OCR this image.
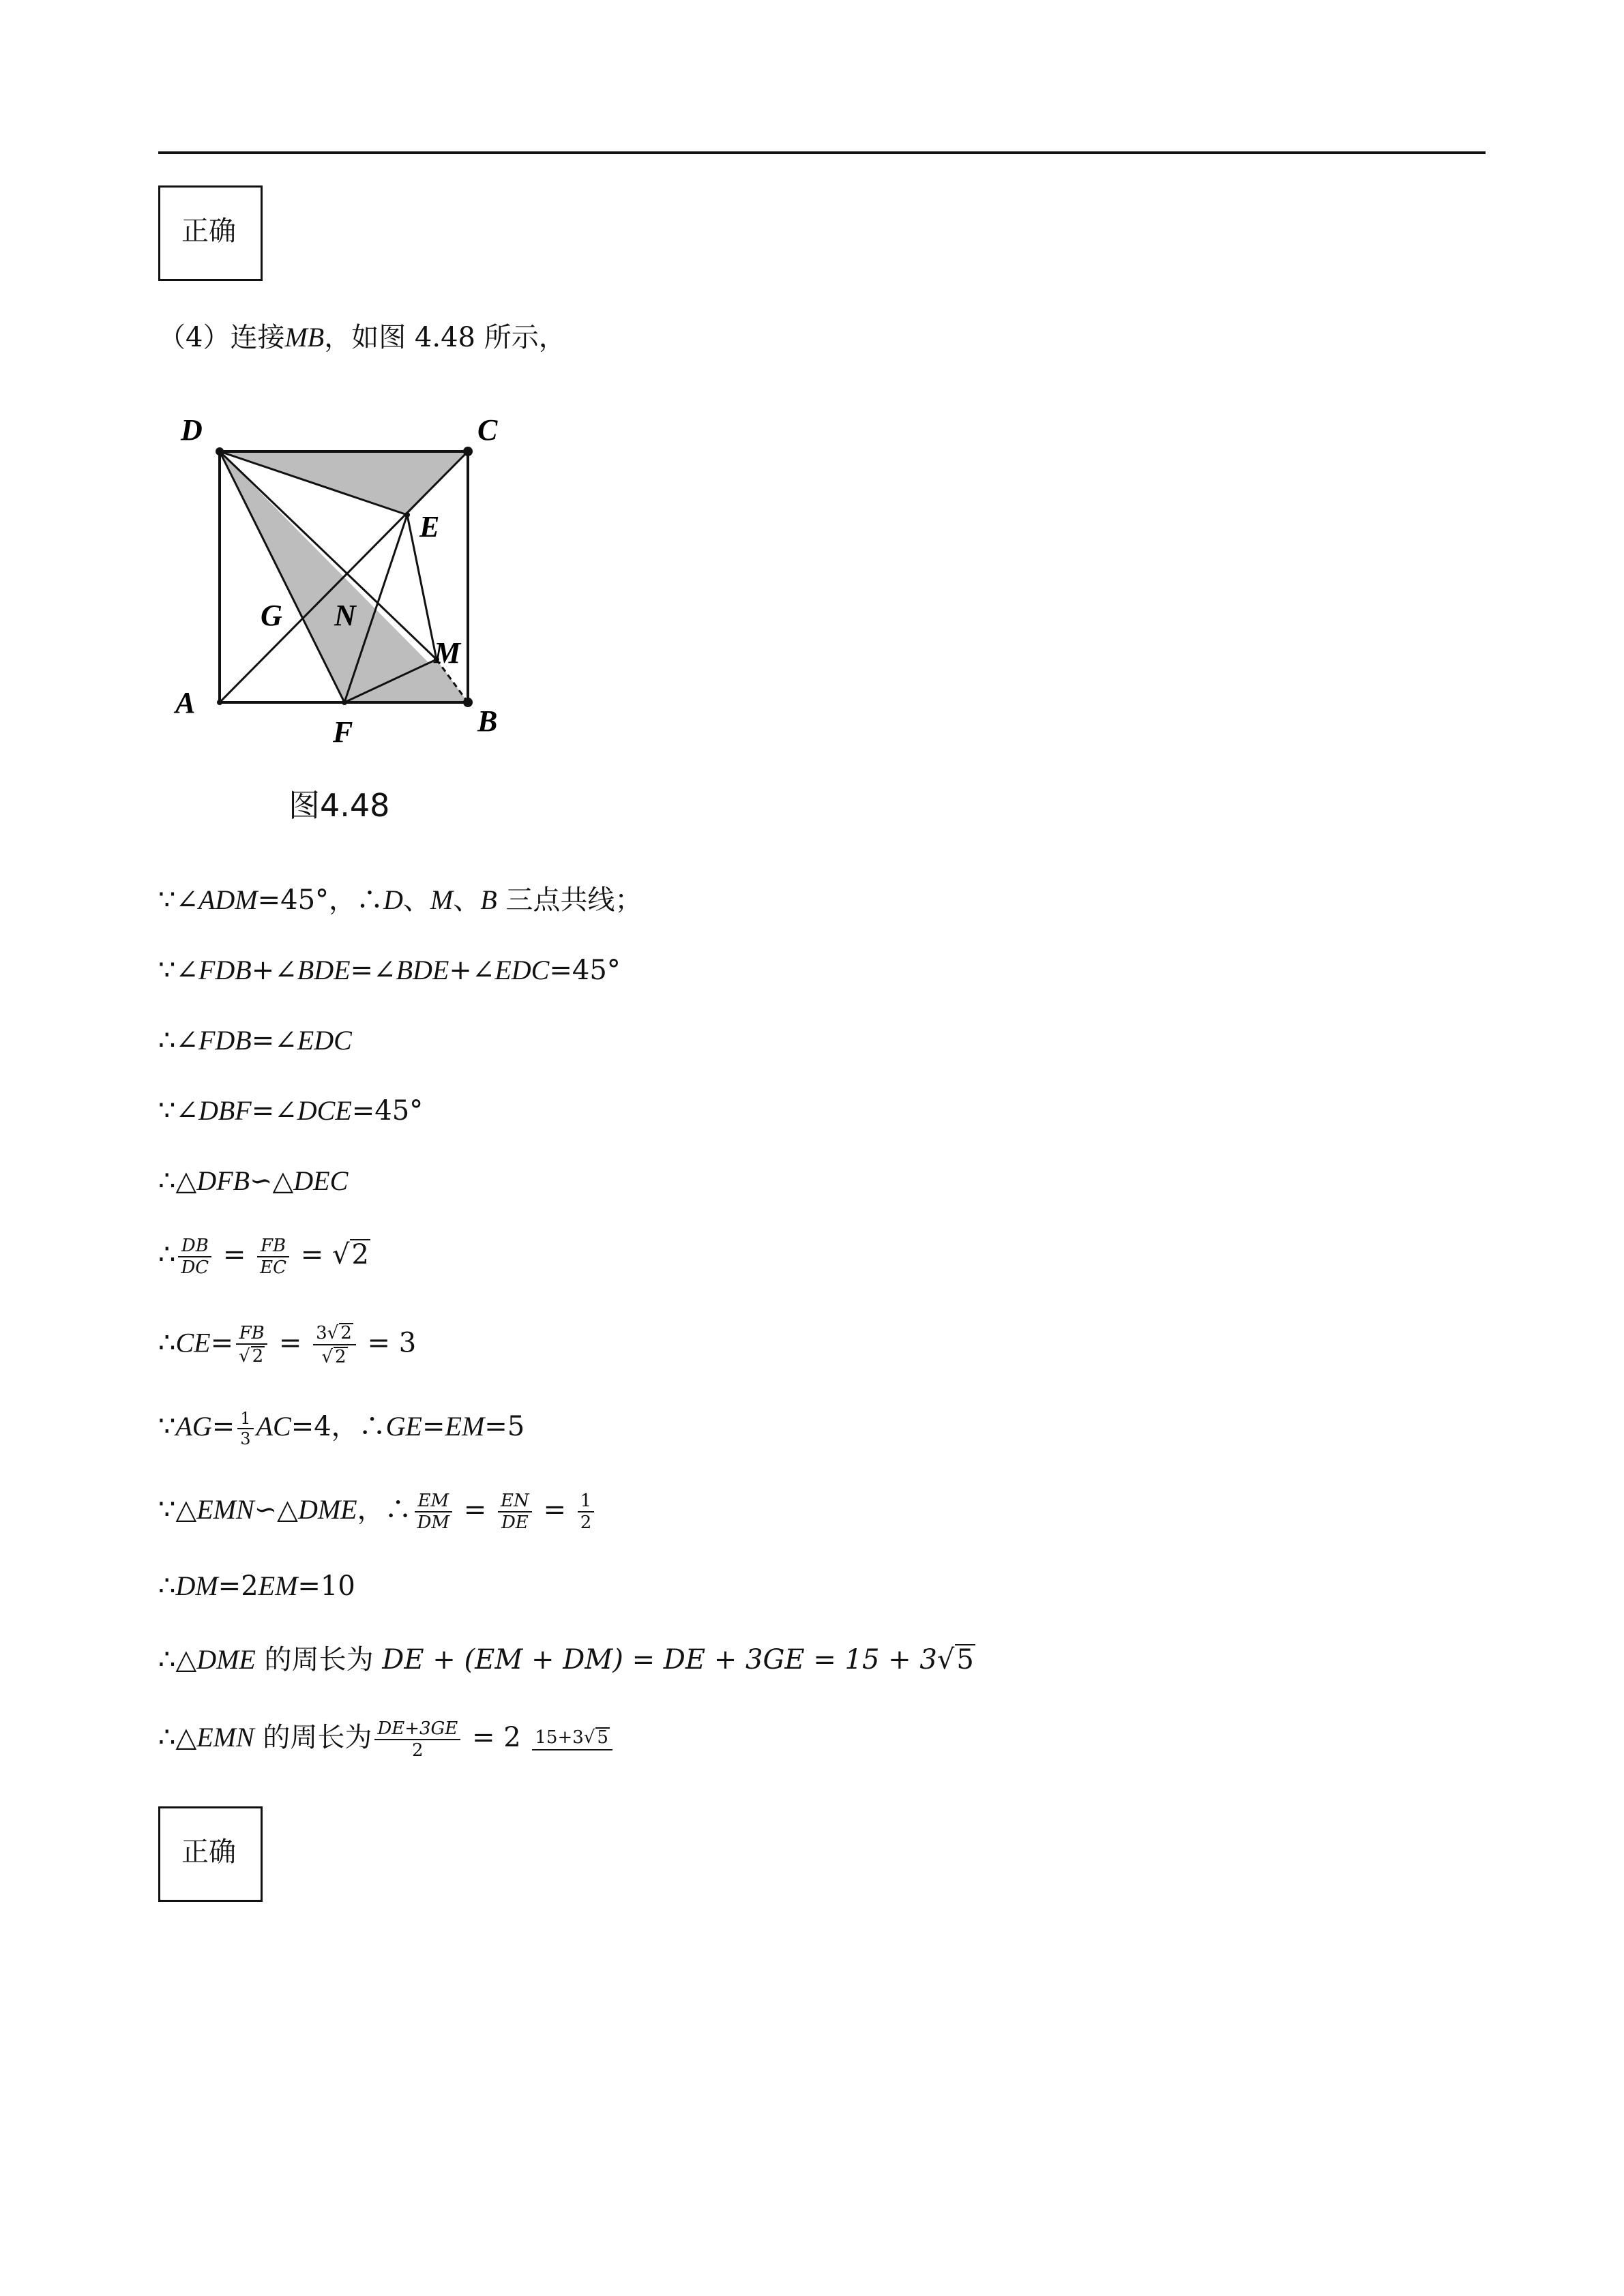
正确
（4）连接MB，如图 4.48 所示，
D	C
E
G N
M
A
F	B
图4.48
∵∠ADM=45°，∴D、M、B 三点共线；
∵∠FDB+∠BDE=∠BDE+∠EDC=45°
∴∠FDB=∠EDC
∵∠DBF=∠DCE=45°
∴△DFB∽△DEC
∴ $\frac{DB}{DC} = \frac{FB}{EC} = √2$
∴CE= $\frac{FB}{√ 2} = \frac{3√ 2}{√ 2} = 3$
∵AG= $\frac{1}{3} AC=4$，∴GE=EM=5
∵△EMN∽△DME，∴ $\frac{EM}{DM} = \frac{EN}{DE} = \frac{1}{2}$
∴DM=2EM=10
∴△DME 的周长为 DE + (EM + DM) = DE + 3GE = 15 + 3√5
∴△EMN 的周长为 $\frac{DE+3GE}{2} = 2$ 15+3√ 5
正确
